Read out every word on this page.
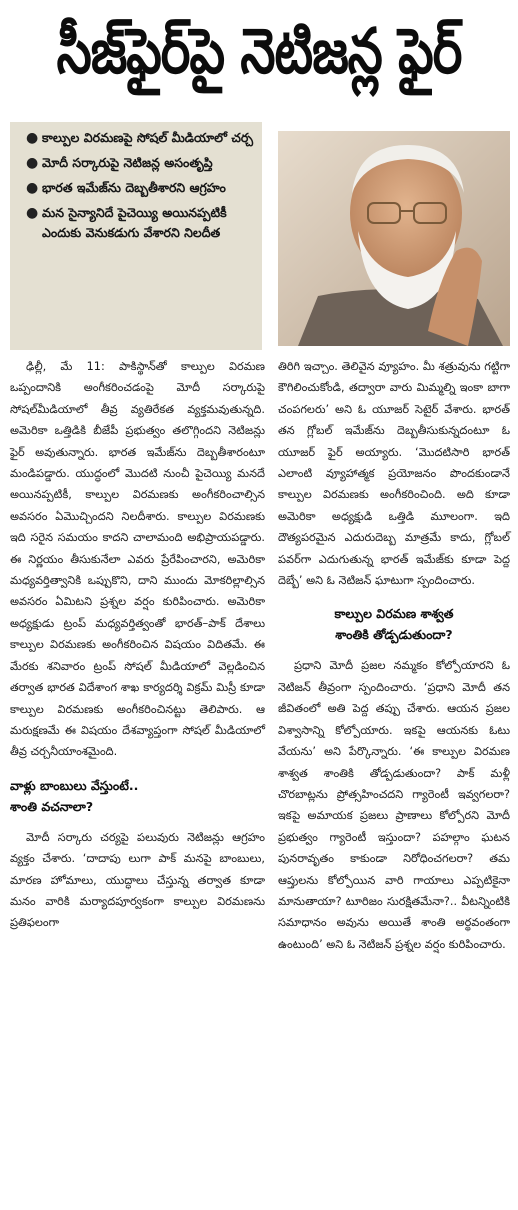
సీజ్‌ఫైర్‌పై నెటిజన్ల ఫైర్
● కాల్పుల విరమణపై సోషల్ మీడియాలో చర్చ
● మోదీ సర్కారుపై నెటిజన్ల అసంతృప్తి
● భారత ఇమేజ్‌ను దెబ్బతీశారని ఆగ్రహం
● మన సైన్యానిదే పైచెయ్యి అయినప్పటికీ ఎందుకు వెనుకడుగు వేశారని నిలదీత

ఢిల్లీ, మే 11: పాకిస్థాన్‌తో కాల్పుల విరమణ ఒప్పందానికి అంగీకరించడంపై మోదీ సర్కారుపై సోషల్‌మీడియాలో తీవ్ర వ్యతిరేకత వ్యక్తమవుతున్నది. అమెరికా ఒత్తిడికి బీజేపీ ప్రభుత్వం తలొగ్గిందని నెటిజన్లు ఫైర్ అవుతున్నారు. భారత ఇమేజ్‌ను దెబ్బతీశారంటూ మండిపడ్డారు. యుద్ధంలో మొదటి నుంచీ పైచెయ్యి మనదే అయినప్పటికీ, కాల్పుల విరమణకు అంగీకరించాల్సిన అవసరం ఏమొచ్చిందని నిలదీశారు. కాల్పుల విరమణకు ఇది సరైన సమయం కాదని చాలామంది అభిప్రాయపడ్డారు. ఈ నిర్ణయం తీసుకునేలా ఎవరు ప్రేరేపించారని, అమెరికా మధ్యవర్తిత్వానికి ఒప్పుకొని, దాని ముందు మోకరిల్లాల్సిన అవసరం ఏమిటని ప్రశ్నల వర్షం కురిపించారు. అమెరికా అధ్యక్షుడు ట్రంప్ మధ్యవర్తిత్వంతో భారత్‌–పాక్ దేశాలు కాల్పుల విరమణకు అంగీకరించిన విషయం విదితమే. ఈ మేరకు శనివారం ట్రంప్ సోషల్ మీడియాలో వెల్లడించిన తర్వాత భారత విదేశాంగ శాఖ కార్యదర్శి విక్రమ్ మిస్రీ కూడా కాల్పుల విరమణకు అంగీకరించినట్టు తెలిపారు. ఆ మరుక్షణమే ఈ విషయం దేశవ్యాప్తంగా సోషల్ మీడియాలో తీవ్ర చర్చనీయాంశమైంది.

వాళ్లు బాంబులు వేస్తుంటే..
శాంతి వచనాలా?

మోదీ సర్కారు చర్యపై పలువురు నెటిజన్లు ఆగ్రహం వ్యక్తం చేశారు. ‘దాదాపు లుగా పాక్ మనపై బాంబులు, మారణ హోమాలు, యుద్ధాలు చేస్తున్న తర్వాత కూడా మనం వారికి మర్యాదపూర్వకంగా కాల్పుల విరమణను ప్రతిఫలంగా

తిరిగి ఇచ్చాం. తెలివైన వ్యూహం. మీ శత్రువును గట్టిగా కౌగిలించుకోండి, తద్వారా వారు మిమ్మల్ని ఇంకా బాగా చంపగలరు’ అని ఓ యూజర్ సెటైర్ వేశారు. భారత్ తన గ్లోబల్ ఇమేజ్‌ను దెబ్బతీసుకున్నదంటూ ఓ యూజర్ ఫైర్ అయ్యారు. ‘మొదటిసారి భారత్ ఎలాంటి వ్యూహాత్మక ప్రయోజనం పొందకుండానే కాల్పుల విరమణకు అంగీకరించింది. అది కూడా అమెరికా అధ్యక్షుడి ఒత్తిడి మూలంగా. ఇది దౌత్యపరమైన ఎదురుదెబ్బ మాత్రమే కాదు, గ్లోబల్ పవర్‌గా ఎదుగుతున్న భారత్ ఇమేజ్‌కు కూడా పెద్ద దెబ్బే’ అని ఓ నెటిజన్ ఘాటుగా స్పందించారు.

కాల్పుల విరమణ శాశ్వత
శాంతికి తోడ్పడుతుందా?

ప్రధాని మోదీ ప్రజల నమ్మకం కోల్పోయారని ఓ నెటిజన్ తీవ్రంగా స్పందించారు. ‘ప్రధాని మోదీ తన జీవితంలో అతి పెద్ద తప్పు చేశారు. ఆయన ప్రజల విశ్వాసాన్ని కోల్పోయారు. ఇకపై ఆయనకు ఓటు వేయను’ అని పేర్కొన్నారు. ‘ఈ కాల్పుల విరమణ శాశ్వత శాంతికి తోడ్పడుతుందా? పాక్ మళ్లీ చొరబాట్లను ప్రోత్సహించదని గ్యారెంటీ ఇవ్వగలరా? ఇకపై అమాయక ప్రజలు ప్రాణాలు కోల్పోరని మోదీ ప్రభుత్వం గ్యారెంటీ ఇస్తుందా? పహల్గాం ఘటన పునరావృతం కాకుండా నిరోధించగలరా? తమ ఆప్తులను కోల్పోయిన వారి గాయాలు ఎప్పటికైనా మానుతాయా? టూరిజం సురక్షితమేనా?.. వీటన్నింటికి సమాధానం అవును అయితే శాంతి అర్థవంతంగా ఉంటుంది’ అని ఓ నెటిజన్ ప్రశ్నల వర్షం కురిపించారు.
